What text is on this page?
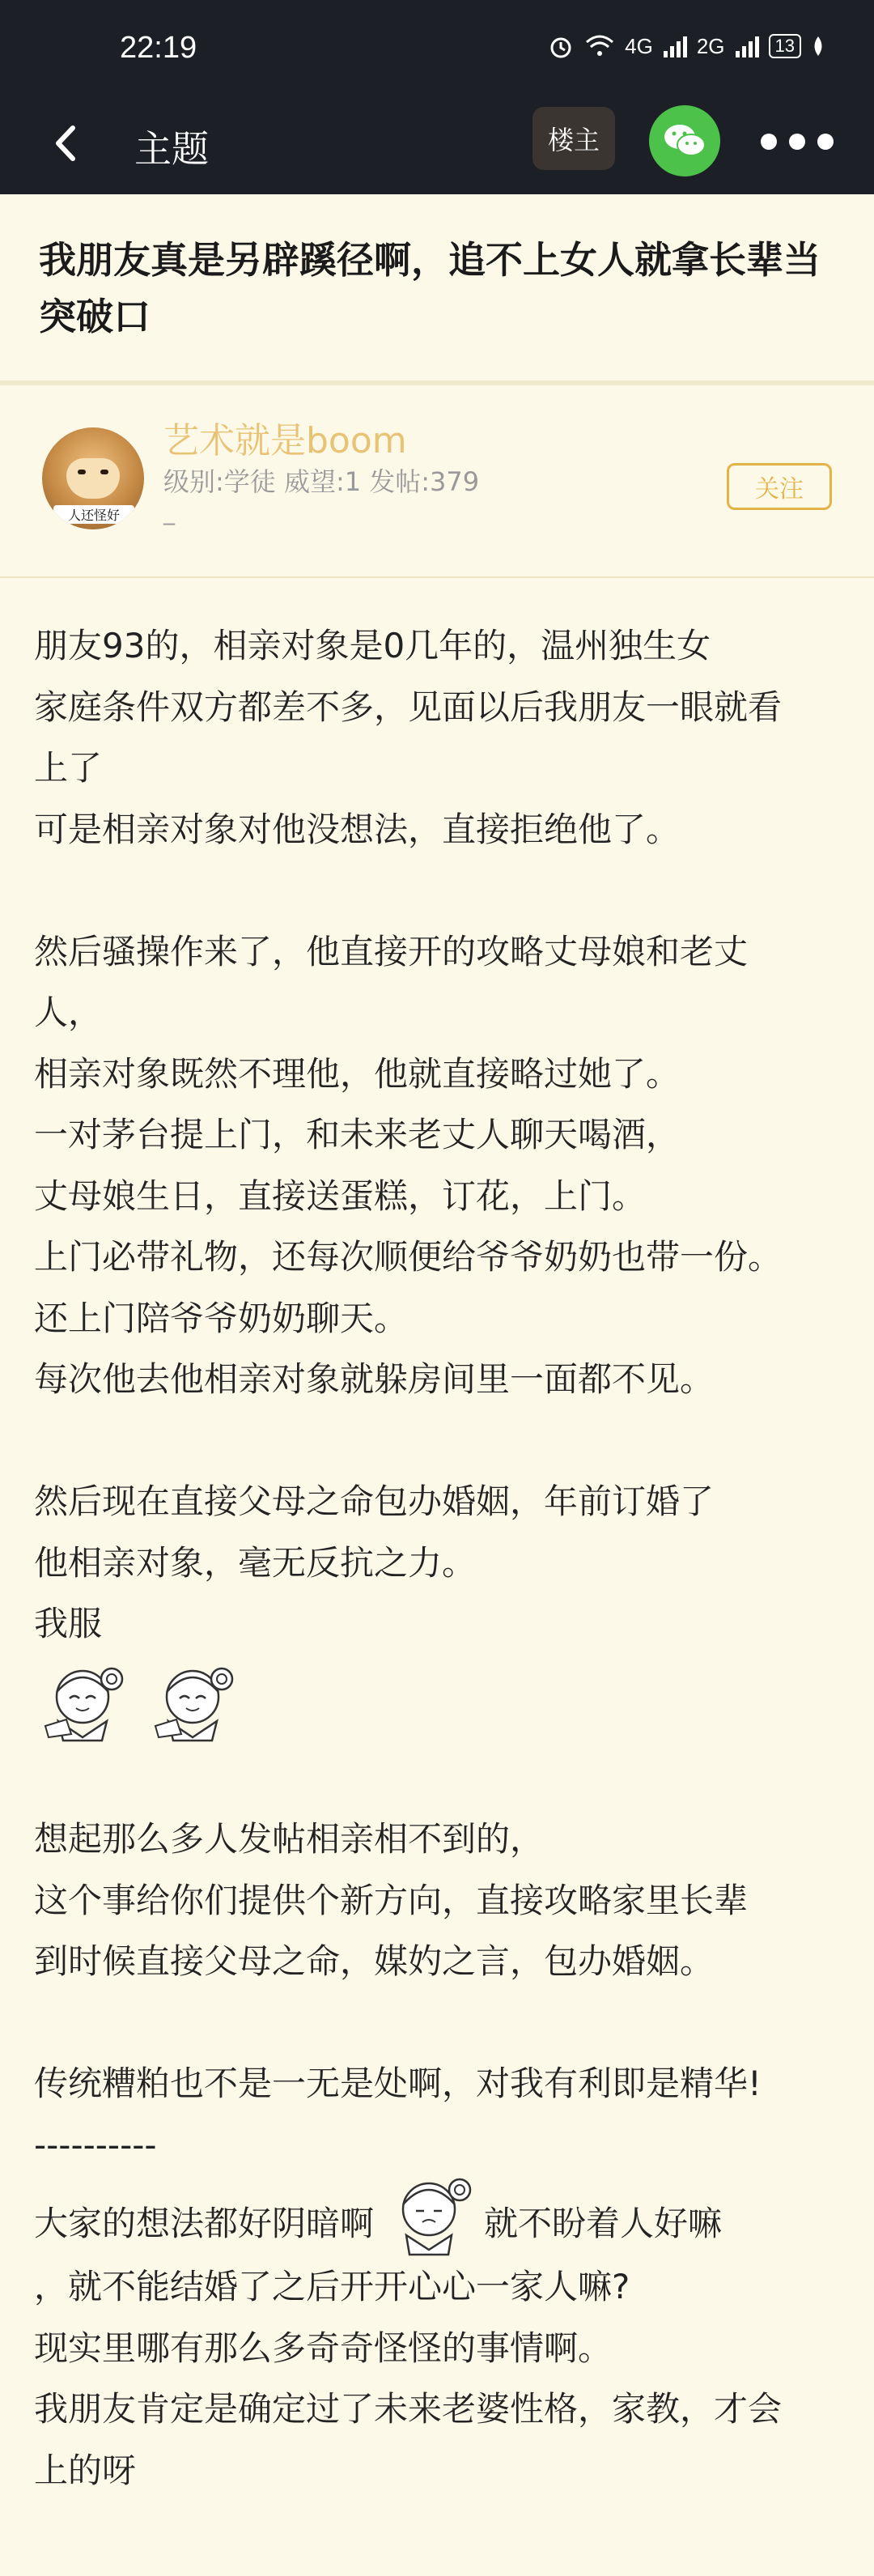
22:19	4G 2G	13
主题	楼主
我朋友真是另辟蹊径啊，追不上女人就拿长辈当突破口
人还怪好
艺术就是boom
级别:学徒 威望:1 发帖:379
_
关注
朋友93的，相亲对象是0几年的，温州独生女
家庭条件双方都差不多，见面以后我朋友一眼就看
上了
可是相亲对象对他没想法，直接拒绝他了。
然后骚操作来了，他直接开的攻略丈母娘和老丈
人，
相亲对象既然不理他，他就直接略过她了。
一对茅台提上门，和未来老丈人聊天喝酒，
丈母娘生日，直接送蛋糕，订花，上门。
上门必带礼物，还每次顺便给爷爷奶奶也带一份。
还上门陪爷爷奶奶聊天。
每次他去他相亲对象就躲房间里一面都不见。
然后现在直接父母之命包办婚姻，年前订婚了
他相亲对象，毫无反抗之力。
我服
想起那么多人发帖相亲相不到的，
这个事给你们提供个新方向，直接攻略家里长辈
到时候直接父母之命，媒妁之言，包办婚姻。
传统糟粕也不是一无是处啊，对我有利即是精华!
----------
大家的想法都好阴暗啊	就不盼着人好嘛
，就不能结婚了之后开开心心一家人嘛?
现实里哪有那么多奇奇怪怪的事情啊。
我朋友肯定是确定过了未来老婆性格，家教，才会
上的呀
